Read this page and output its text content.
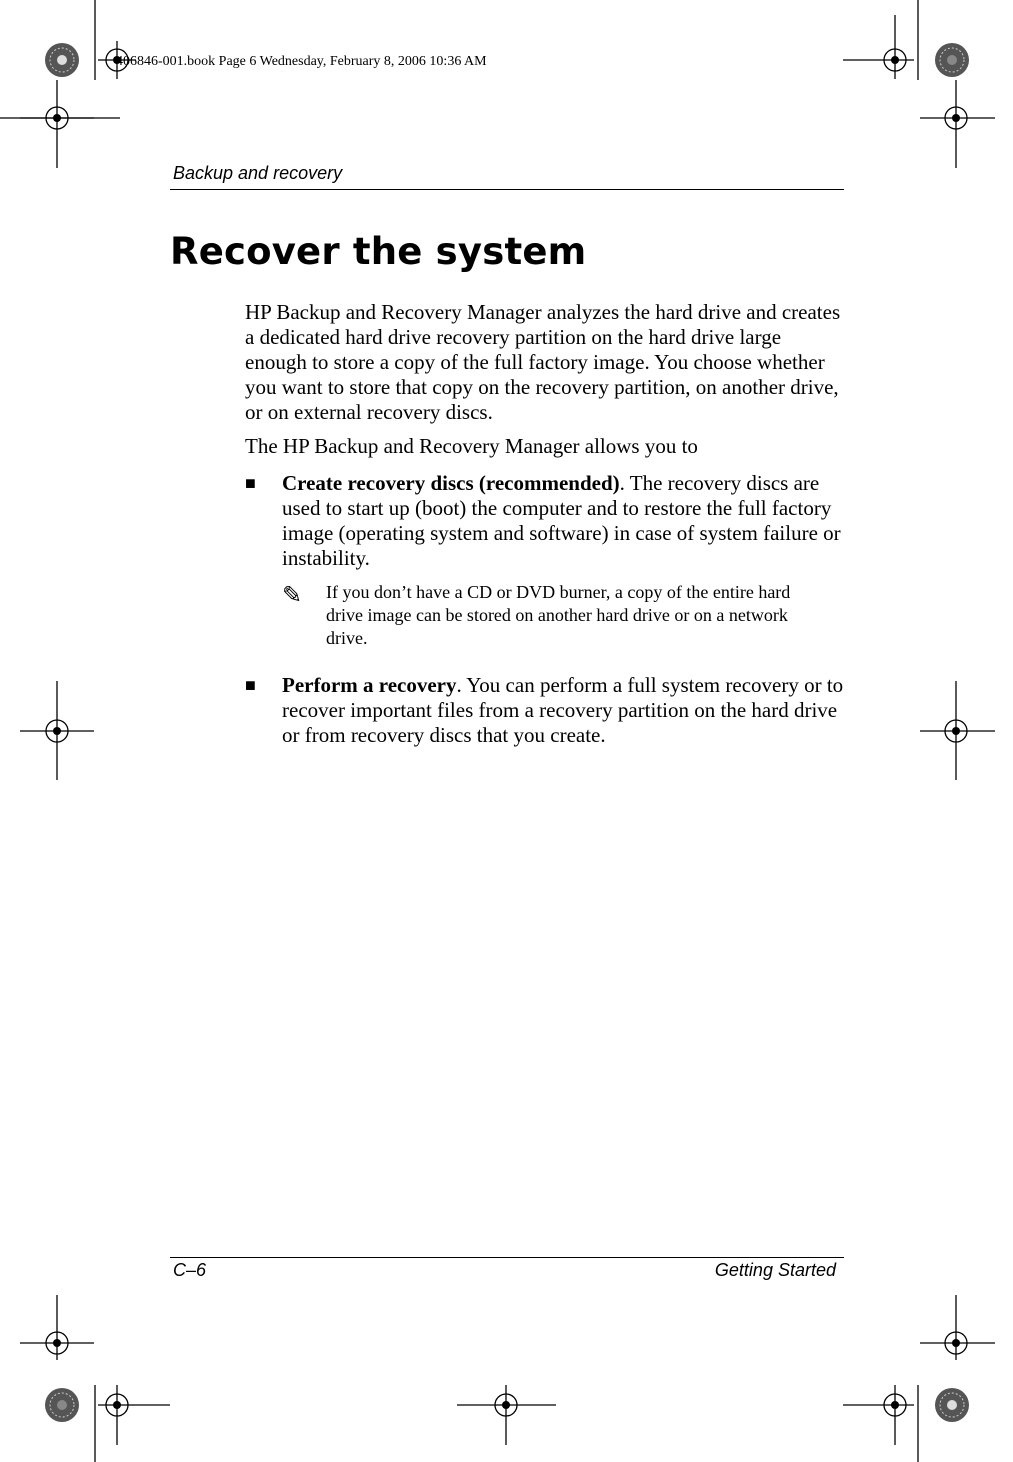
406846-001.book Page 6 Wednesday, February 8, 2006 10:36 AM
Backup and recovery
Recover the system

HP Backup and Recovery Manager analyzes the hard drive and creates a dedicated hard drive recovery partition on the hard drive large enough to store a copy of the full factory image. You choose whether you want to store that copy on the recovery partition, on another drive, or on external recovery discs.

The HP Backup and Recovery Manager allows you to

■ Create recovery discs (recommended). The recovery discs are used to start up (boot) the computer and to restore the full factory image (operating system and software) in case of system failure or instability.

✎ If you don’t have a CD or DVD burner, a copy of the entire hard drive image can be stored on another hard drive or on a network drive.

■ Perform a recovery. You can perform a full system recovery or to recover important files from a recovery partition on the hard drive or from recovery discs that you create.

C–6	Getting Started
